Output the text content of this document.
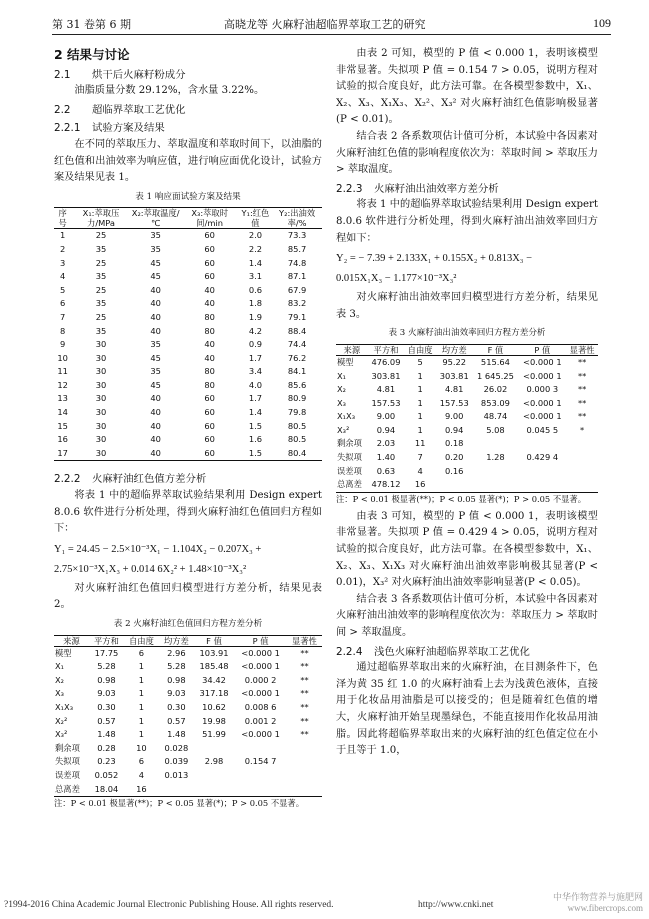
第 31 卷第 6 期	高晓龙等 火麻籽油超临界萃取工艺的研究	109
2 结果与讨论
2.1 烘干后火麻籽粉成分

油脂质量分数 29.12%，含水量 3.22%。

2.2 超临界萃取工艺优化
2.2.1 试验方案及结果

在不同的萃取压力、萃取温度和萃取时间下，以油脂的红色值和出油效率为响应值，进行响应面优化设计，试验方案及结果见表 1。

表 1 响应面试验方案及结果
序号	X₁:萃取压力/MPa	X₂:萃取温度/℃	X₃:萃取时间/min	Y₁:红色值	Y₂:出油效率/%
1	25	35	60	2.0	73.3
2	35	35	60	2.2	85.7
3	25	45	60	1.4	74.8
4	35	45	60	3.1	87.1
5	25	40	40	0.6	67.9
6	35	40	40	1.8	83.2
7	25	40	80	1.9	79.1
8	35	40	80	4.2	88.4
9	30	35	40	0.9	74.4
10	30	45	40	1.7	76.2
11	30	35	80	3.4	84.1
12	30	45	80	4.0	85.6
13	30	40	60	1.7	80.9
14	30	40	60	1.4	79.8
15	30	40	60	1.5	80.5
16	30	40	60	1.6	80.5
17	30	40	60	1.5	80.4
2.2.2 火麻籽油红色值方差分析

将表 1 中的超临界萃取试验结果利用 Design expert 8.0.6 软件进行分析处理，得到火麻籽油红色值回归方程如下：

Y₁ = 24.45 − 2.5×10⁻³X₁ − 1.104X₂ − 0.207X₃ +
2.75×10⁻³X₁X₃ + 0.014 6X₂² + 1.48×10⁻³X₃²

对火麻籽油红色值回归模型进行方差分析，结果见表 2。

表 2 火麻籽油红色值回归方程方差分析
来源	平方和	自由度	均方差	F 值	P 值	显著性
模型	17.75	6	2.96	103.91	<0.000 1	**
X₁	5.28	1	5.28	185.48	<0.000 1	**
X₂	0.98	1	0.98	34.42	0.000 2	**
X₃	9.03	1	9.03	317.18	<0.000 1	**
X₁X₃	0.30	1	0.30	10.62	0.008 6	**
X₂²	0.57	1	0.57	19.98	0.001 2	**
X₃²	1.48	1	1.48	51.99	<0.000 1	**
剩余项	0.28	10	0.028			
失拟项	0.23	6	0.039	2.98	0.154 7	
误差项	0.052	4	0.013			
总离差	18.04	16				
注：P < 0.01 极显著(**)；P < 0.05 显著(*)；P > 0.05 不显著。

由表 2 可知，模型的 P 值 < 0.000 1，表明该模型非常显著。失拟项 P 值 = 0.154 7 > 0.05，说明方程对试验的拟合度良好，此方法可靠。在各模型参数中，X₁、X₂、X₃、X₁X₃、X₂²、X₃² 对火麻籽油红色值影响极显著(P < 0.01)。

结合表 2 各系数项估计值可分析，本试验中各因素对火麻籽油红色值的影响程度依次为：萃取时间 > 萃取压力 > 萃取温度。

2.2.3 火麻籽油出油效率方差分析

将表 1 中的超临界萃取试验结果利用 Design expert 8.0.6 软件进行分析处理，得到火麻籽油出油效率回归方程如下：

Y₂ = − 7.39 + 2.133X₁ + 0.155X₂ + 0.813X₃ −
0.015X₁X₃ − 1.177×10⁻³X₃²

对火麻籽油出油效率回归模型进行方差分析，结果见表 3。

表 3 火麻籽油出油效率回归方程方差分析
来源	平方和	自由度	均方差	F 值	P 值	显著性
模型	476.09	5	95.22	515.64	<0.000 1	**
X₁	303.81	1	303.81	1 645.25	<0.000 1	**
X₂	4.81	1	4.81	26.02	0.000 3	**
X₃	157.53	1	157.53	853.09	<0.000 1	**
X₁X₃	9.00	1	9.00	48.74	<0.000 1	**
X₃²	0.94	1	0.94	5.08	0.045 5	*
剩余项	2.03	11	0.18			
失拟项	1.40	7	0.20	1.28	0.429 4	
误差项	0.63	4	0.16			
总离差	478.12	16				
注：P < 0.01 极显著(**)；P < 0.05 显著(*)；P > 0.05 不显著。

由表 3 可知，模型的 P 值 < 0.000 1，表明该模型非常显著。失拟项 P 值 = 0.429 4 > 0.05，说明方程对试验的拟合度良好，此方法可靠。在各模型参数中，X₁、X₂、X₃、X₁X₃ 对火麻籽油出油效率影响极其显著(P < 0.01)，X₃² 对火麻籽油出油效率影响显著(P < 0.05)。

结合表 3 各系数项估计值可分析，本试验中各因素对火麻籽油出油效率的影响程度依次为：萃取压力 > 萃取时间 > 萃取温度。

2.2.4 浅色火麻籽油超临界萃取工艺优化

通过超临界萃取出来的火麻籽油，在目测条件下，色泽为黄 35 红 1.0 的火麻籽油看上去为浅黄色液体，直接用于化妆品用油脂是可以接受的；但是随着红色值的增大，火麻籽油开始呈现墨绿色，不能直接用作化妆品用油脂。因此将超临界萃取出来的火麻籽油的红色值定位在小于且等于 1.0，

?1994-2016 China Academic Journal Electronic Publishing House. All rights reserved.	http://www.cnki.net
中华作物营养与施肥网
www.fibercrops.com
